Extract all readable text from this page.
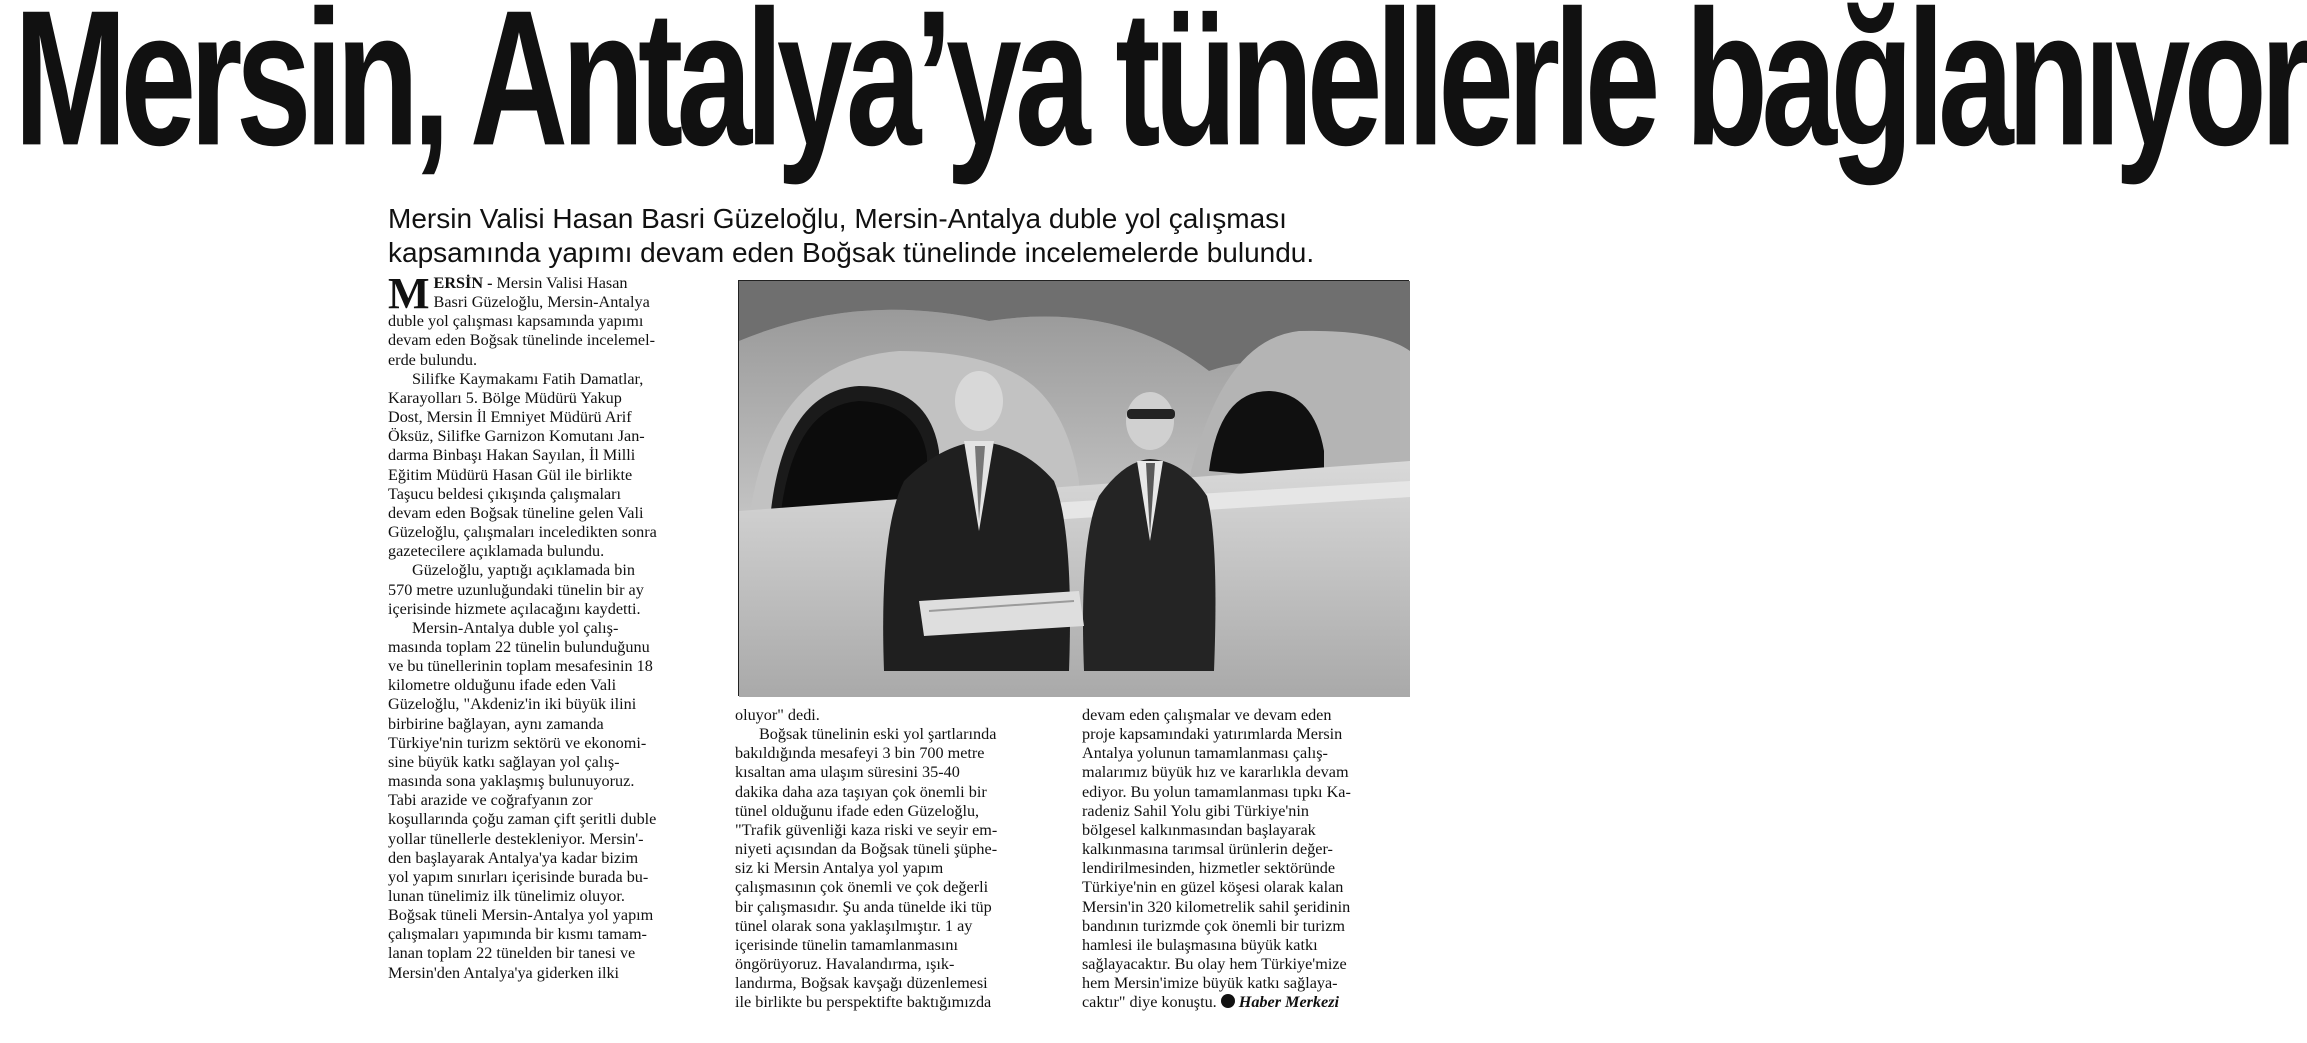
Mersin, Antalya’ya tünellerle bağlanıyor
Mersin Valisi Hasan Basri Güzeloğlu, Mersin-Antalya duble yol çalışması
kapsamında yapımı devam eden Boğsak tünelinde incelemelerde bulundu.
M ERSİN - Mersin Valisi Hasan
Basri Güzeloğlu, Mersin-Antalya
duble yol çalışması kapsamında yapımı
devam eden Boğsak tünelinde incelemel-
erde bulundu.
Silifke Kaymakamı Fatih Damatlar,
Karayolları 5. Bölge Müdürü Yakup
Dost, Mersin İl Emniyet Müdürü Arif
Öksüz, Silifke Garnizon Komutanı Jan-
darma Binbaşı Hakan Sayılan, İl Milli
Eğitim Müdürü Hasan Gül ile birlikte
Taşucu beldesi çıkışında çalışmaları
devam eden Boğsak tüneline gelen Vali
Güzeloğlu, çalışmaları inceledikten sonra
gazetecilere açıklamada bulundu.
Güzeloğlu, yaptığı açıklamada bin
570 metre uzunluğundaki tünelin bir ay
içerisinde hizmete açılacağını kaydetti.
Mersin-Antalya duble yol çalış-
masında toplam 22 tünelin bulunduğunu
ve bu tünellerinin toplam mesafesinin 18
kilometre olduğunu ifade eden Vali
Güzeloğlu, "Akdeniz'in iki büyük ilini
birbirine bağlayan, aynı zamanda
Türkiye'nin turizm sektörü ve ekonomi-
sine büyük katkı sağlayan yol çalış-
masında sona yaklaşmış bulunuyoruz.
Tabi arazide ve coğrafyanın zor
koşullarında çoğu zaman çift şeritli duble
yollar tünellerle destekleniyor. Mersin'-
den başlayarak Antalya'ya kadar bizim
yol yapım sınırları içerisinde burada bu-
lunan tünelimiz ilk tünelimiz oluyor.
Boğsak tüneli Mersin-Antalya yol yapım
çalışmaları yapımında bir kısmı tamam-
lanan toplam 22 tünelden bir tanesi ve
Mersin'den Antalya'ya giderken ilki
oluyor" dedi.
Boğsak tünelinin eski yol şartlarında
bakıldığında mesafeyi 3 bin 700 metre
kısaltan ama ulaşım süresini 35-40
dakika daha aza taşıyan çok önemli bir
tünel olduğunu ifade eden Güzeloğlu,
"Trafik güvenliği kaza riski ve seyir em-
niyeti açısından da Boğsak tüneli şüphe-
siz ki Mersin Antalya yol yapım
çalışmasının çok önemli ve çok değerli
bir çalışmasıdır. Şu anda tünelde iki tüp
tünel olarak sona yaklaşılmıştır. 1 ay
içerisinde tünelin tamamlanmasını
öngörüyoruz. Havalandırma, ışık-
landırma, Boğsak kavşağı düzenlemesi
ile birlikte bu perspektifte baktığımızda
devam eden çalışmalar ve devam eden
proje kapsamındaki yatırımlarda Mersin
Antalya yolunun tamamlanması çalış-
malarımız büyük hız ve kararlıkla devam
ediyor. Bu yolun tamamlanması tıpkı Ka-
radeniz Sahil Yolu gibi Türkiye'nin
bölgesel kalkınmasından başlayarak
kalkınmasına tarımsal ürünlerin değer-
lendirilmesinden, hizmetler sektöründe
Türkiye'nin en güzel köşesi olarak kalan
Mersin'in 320 kilometrelik sahil şeridinin
bandının turizmde çok önemli bir turizm
hamlesi ile bulaşmasına büyük katkı
sağlayacaktır. Bu olay hem Türkiye'mize
hem Mersin'imize büyük katkı sağlaya-
caktır" diye konuştu. Haber Merkezi
